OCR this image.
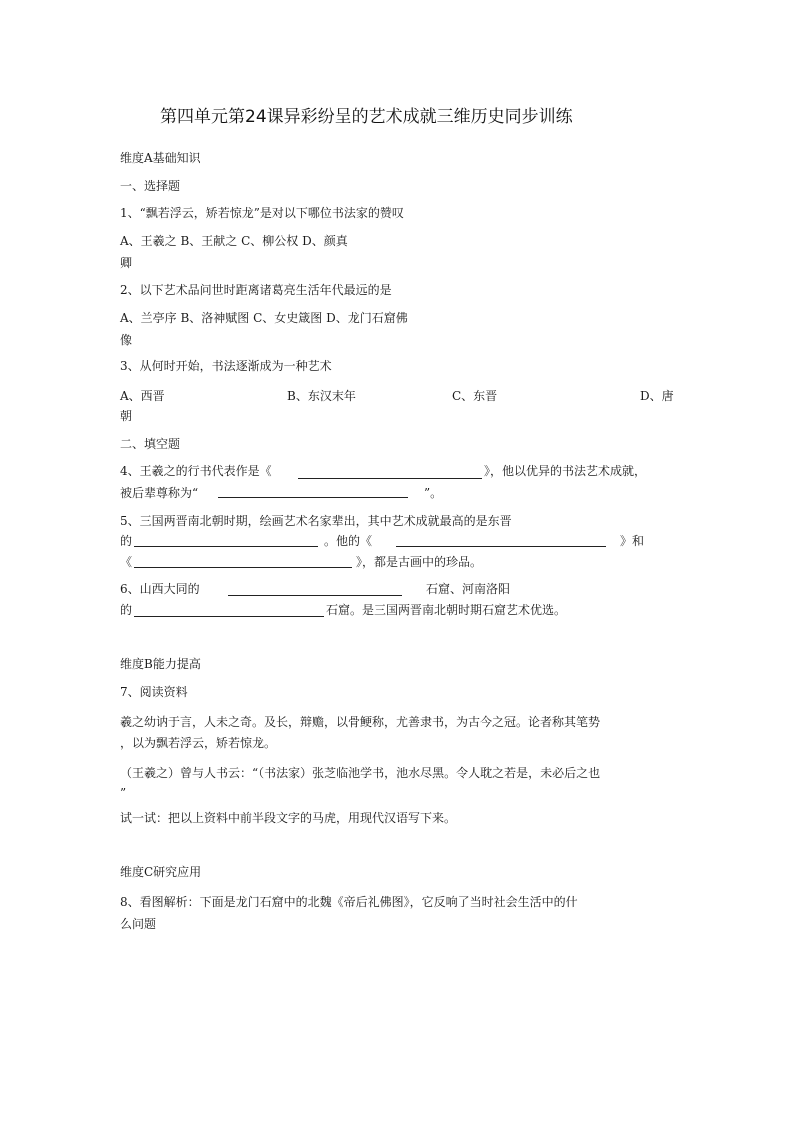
第四单元第24课异彩纷呈的艺术成就三维历史同步训练
维度A基础知识
一、选择题
1、“飘若浮云，矫若惊龙”是对以下哪位书法家的赞叹
A、王羲之 B、王献之 C、柳公权 D、颜真
卿
2、以下艺术品问世时距离诸葛亮生活年代最远的是
A、兰亭序 B、洛神赋图 C、女史箴图 D、龙门石窟佛
像
3、从何时开始，书法逐渐成为一种艺术
A、西晋	B、东汉末年	C、东晋	D、唐
朝
二、填空题
4、王羲之的行书代表作是《	》，他以优异的书法艺术成就，
被后辈尊称为“	”。
5、三国两晋南北朝时期，绘画艺术名家辈出，其中艺术成就最高的是东晋
的	。他的《	》和
《	》，都是古画中的珍品。
6、山西大同的	石窟、河南洛阳
的	石窟。是三国两晋南北朝时期石窟艺术优选。
维度B能力提高
7、阅读资料
羲之幼讷于言，人未之奇。及长，辩赡，以骨鲠称，尤善隶书，为古今之冠。论者称其笔势
，以为飘若浮云，矫若惊龙。
（王羲之）曾与人书云：“（书法家）张芝临池学书，池水尽黑。令人耽之若是，未必后之也
”
试一试：把以上资料中前半段文字的马虎，用现代汉语写下来。
维度C研究应用
8、看图解析：下面是龙门石窟中的北魏《帝后礼佛图》，它反响了当时社会生活中的什
么问题
